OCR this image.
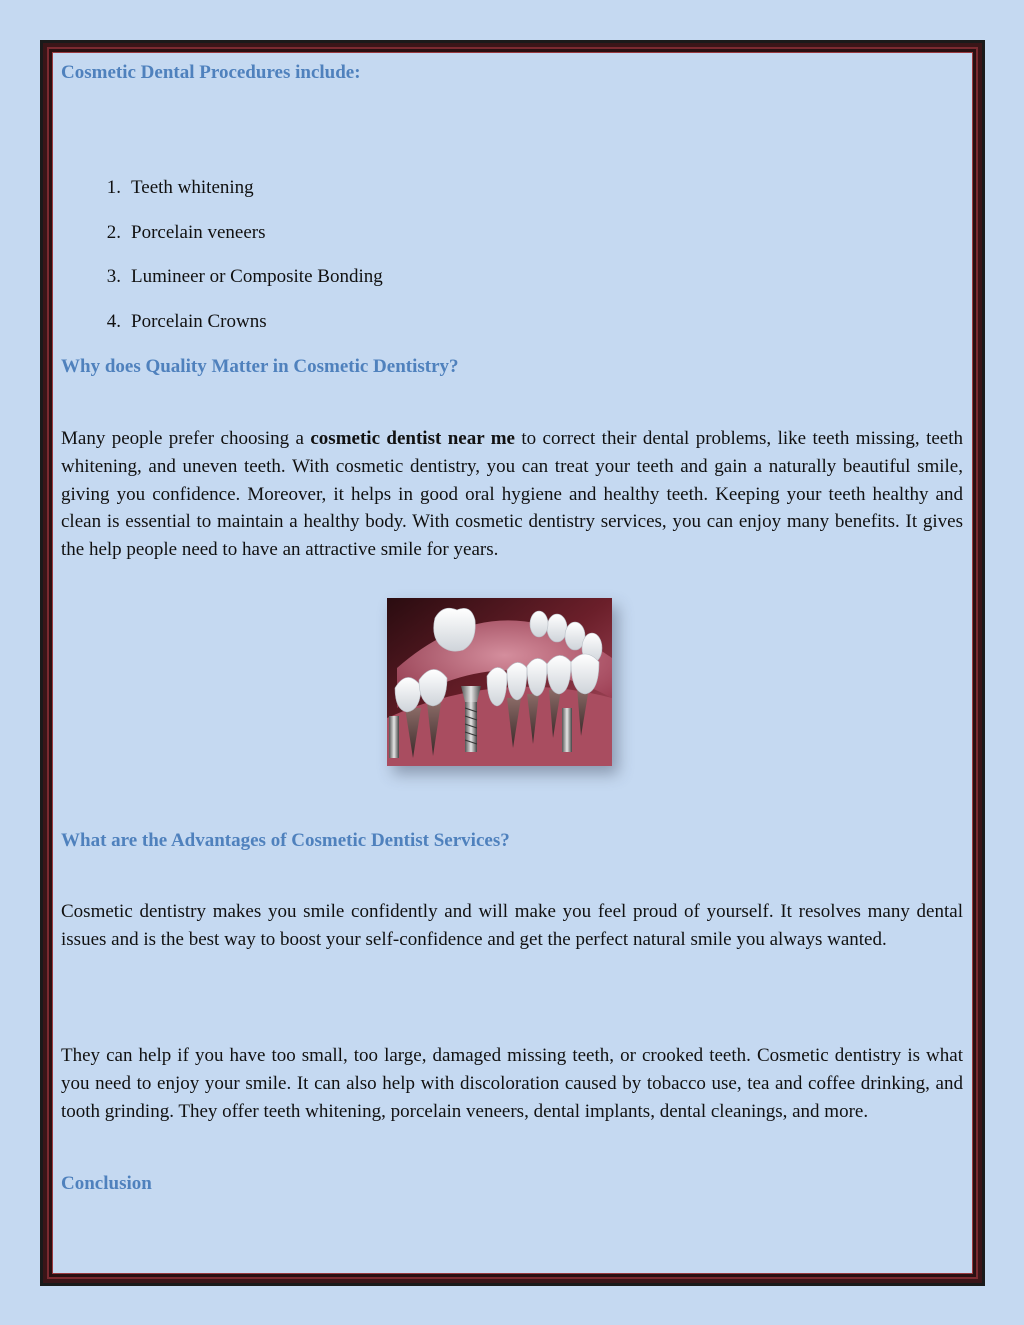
Cosmetic Dental Procedures include:
1 . Teeth whitening
2 . Porcelain veneers
3 . Lumineer or Composite Bonding
4 . Porcelain Crowns
Why does Quality Matter in Cosmetic Dentistry?

Many people prefer choosing a cosmetic dentist near me to correct their dental problems, like teeth missing, teeth whitening, and uneven teeth. With cosmetic dentistry, you can treat your teeth and gain a naturally beautiful smile, giving you confidence. Moreover, it helps in good oral hygiene and healthy teeth. Keeping your teeth healthy and clean is essential to maintain a healthy body. With cosmetic dentistry services, you can enjoy many benefits. It gives the help people need to have an attractive smile for years.

What are the Advantages of Cosmetic Dentist Services?

Cosmetic dentistry makes you smile confidently and will make you feel proud of yourself. It resolves many dental issues and is the best way to boost your self-confidence and get the perfect natural smile you always wanted.

They can help if you have too small, too large, damaged missing teeth, or crooked teeth. Cosmetic dentistry is what you need to enjoy your smile. It can also help with discoloration caused by tobacco use, tea and coffee drinking, and tooth grinding. They offer teeth whitening, porcelain veneers, dental implants, dental cleanings, and more.

Conclusion
